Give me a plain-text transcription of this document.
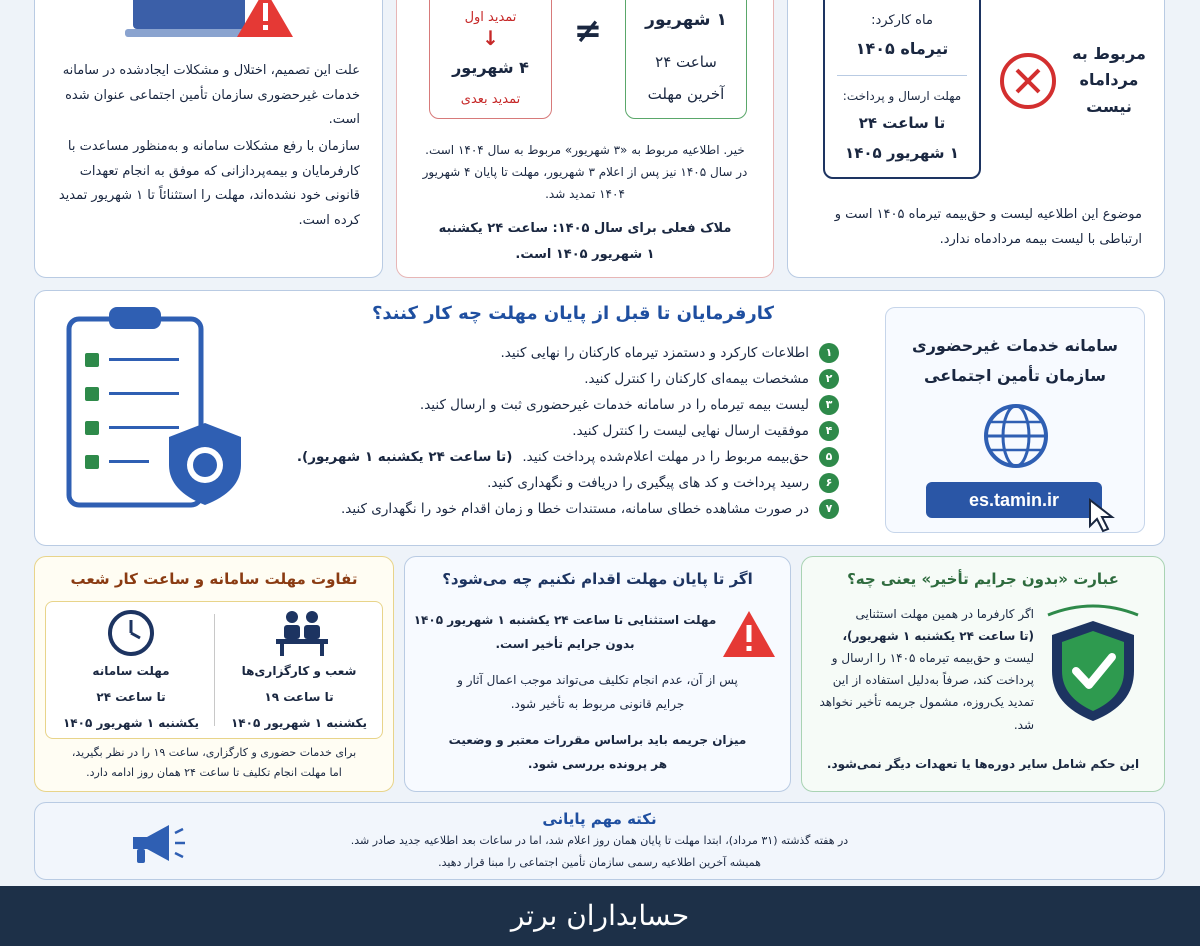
علت این تصمیم، اختلال و مشکلات ایجادشده در سامانه خدمات غیرحضوری سازمان تأمین اجتماعی عنوان شده است.
سازمان با رفع مشکلات سامانه و به‌منظور مساعدت با کارفرمایان و بیمه‌پردازانی که موفق به انجام تعهدات قانونی خود نشده‌اند، مهلت را استثنائاً تا ۱ شهریور تمدید کرده است.
تمدید اول
↓
۴ شهریور
تمدید بعدی
≠	۱ شهریور
ساعت ۲۴
آخرین مهلت
خیر. اطلاعیه مربوط به «۳ شهریور» مربوط به سال ۱۴۰۴ است. در سال ۱۴۰۵ نیز پس از اعلام ۳ شهریور، مهلت تا پایان ۴ شهریور ۱۴۰۴ تمدید شد.
ملاک فعلی برای سال ۱۴۰۵: ساعت ۲۴ یکشنبه
۱ شهریور ۱۴۰۵ است.
ماه کارکرد:
تیرماه ۱۴۰۵
مهلت ارسال و پرداخت:
تا ساعت ۲۴
۱ شهریور ۱۴۰۵
مربوط به مرداماه نیست
موضوع این اطلاعیه لیست و حق‌بیمه تیرماه ۱۴۰۵ است و ارتباطی با لیست بیمه مردادماه ندارد.
کارفرمایان تا قبل از پایان مهلت چه کار کنند؟
۱
اطلاعات کارکرد و دستمزد تیرماه کارکنان را نهایی کنید.
۲
مشخصات بیمه‌ای کارکنان را کنترل کنید.
۳
لیست بیمه تیرماه را در سامانه خدمات غیرحضوری ثبت و ارسال کنید.
۴
موفقیت ارسال نهایی لیست را کنترل کنید.
۵
حق‌بیمه مربوط را در مهلت اعلام‌شده پرداخت کنید.
(تا ساعت ۲۴ یکشنبه ۱ شهریور).
۶
رسید پرداخت و کد های پیگیری را دریافت و نگهداری کنید.
۷
در صورت مشاهده خطای سامانه، مستندات خطا و زمان اقدام خود را نگهداری کنید.
سامانه خدمات غیرحضوری
سازمان تأمین اجتماعی
es.tamin.ir
تفاوت مهلت سامانه و ساعت کار شعب
شعب و کارگزاری‌ها
تا ساعت ۱۹
یکشنبه ۱ شهریور ۱۴۰۵
مهلت سامانه
تا ساعت ۲۴
یکشنبه ۱ شهریور ۱۴۰۵
برای خدمات حضوری و کارگزاری، ساعت ۱۹ را در نظر بگیرید،
اما مهلت انجام تکلیف تا ساعت ۲۴ همان روز ادامه دارد.
اگر تا پایان مهلت اقدام نکنیم چه می‌شود؟
مهلت استثنایی تا ساعت ۲۴ یکشنبه ۱ شهریور ۱۴۰۵
بدون جرایم تأخیر است.
پس از آن، عدم انجام تکلیف می‌تواند موجب اعمال آثار و
جرایم قانونی مربوط به تأخیر شود.
میزان جریمه باید براساس مقررات معتبر و وضعیت
هر پرونده بررسی شود.
عبارت «بدون جرایم تأخیر» یعنی چه؟
اگر کارفرما در همین مهلت استثنایی
(تا ساعت ۲۴ یکشنبه ۱ شهریور)،
لیست و حق‌بیمه تیرماه ۱۴۰۵ را ارسال و پرداخت کند، صرفاً به‌دلیل استفاده از این تمدید یک‌روزه، مشمول جریمه تأخیر نخواهد شد.
این حکم شامل سایر دوره‌ها یا تعهدات دیگر نمی‌شود.
نکته مهم پایانی
در هفته گذشته (۳۱ مرداد)، ابتدا مهلت تا پایان همان روز اعلام شد، اما در ساعات بعد اطلاعیه جدید صادر شد.
همیشه آخرین اطلاعیه رسمی سازمان تأمین اجتماعی را مبنا قرار دهید.
حسابداران برتر
